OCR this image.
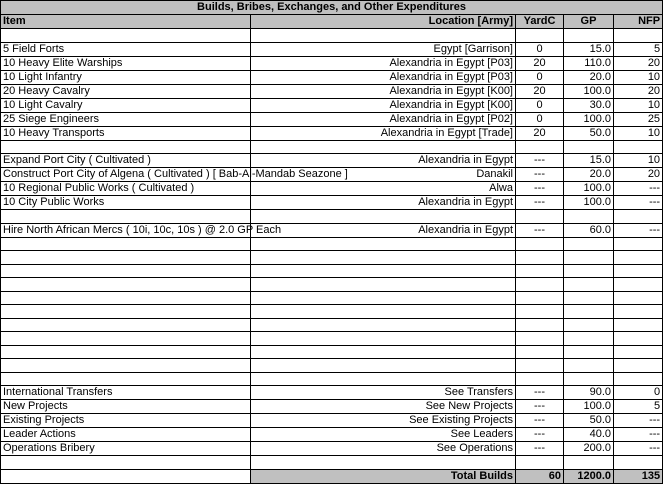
Builds, Bribes, Exchanges, and Other Expenditures				
Item	Location [Army]	YardC	GP	NFP

5 Field Forts	Egypt [Garrison]	0	15.0	5
10 Heavy Elite Warships	Alexandria in Egypt [P03]	20	110.0	20
10 Light Infantry	Alexandria in Egypt [P03]	0	20.0	10
20 Heavy Cavalry	Alexandria in Egypt [K00]	20	100.0	20
10 Light Cavalry	Alexandria in Egypt [K00]	0	30.0	10
25 Siege Engineers	Alexandria in Egypt [P02]	0	100.0	25
10 Heavy Transports	Alexandria in Egypt [Trade]	20	50.0	10

Expand Port City ( Cultivated )	Alexandria in Egypt	---	15.0	10
Construct Port City of Algena ( Cultivated ) [ Bab-Al-Mandab Seazone ]	Danakil	---	20.0	20
10 Regional Public Works ( Cultivated )	Alwa	---	100.0	---
10 City Public Works	Alexandria in Egypt	---	100.0	---

Hire North African Mercs ( 10i, 10c, 10s ) @ 2.0 GP Each	Alexandria in Egypt	---	60.0	---

International Transfers	See Transfers	---	90.0	0
New Projects	See New Projects	---	100.0	5
Existing Projects	See Existing Projects	---	50.0	---
Leader Actions	See Leaders	---	40.0	---
Operations Bribery	See Operations	---	200.0	---

	Total Builds	60	1200.0	135
